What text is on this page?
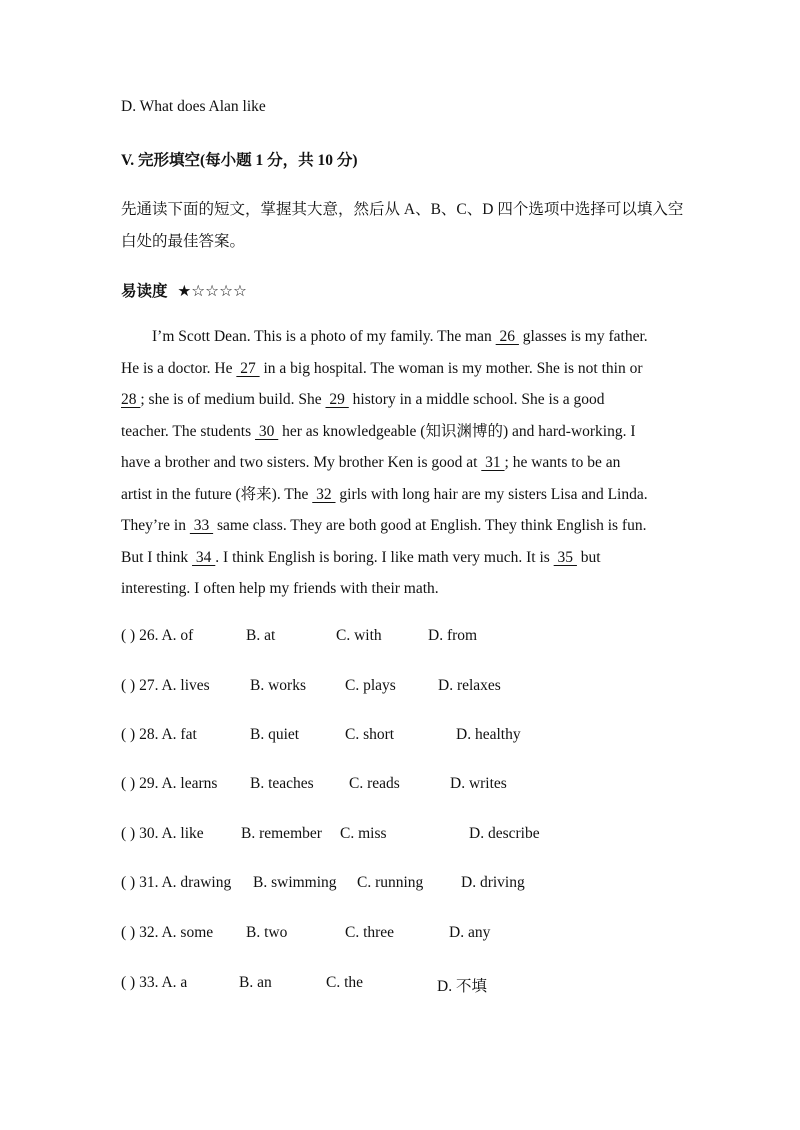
D. What does Alan like
V. 完形填空(每小题 1 分，共 10 分)
先通读下面的短文，掌握其大意，然后从 A、B、C、D 四个选项中选择可以填入空
白处的最佳答案。
易读度 ★☆☆☆☆

  I’m Scott Dean. This is a photo of my family. The man  26  glasses is my father.

He is a doctor. He  27  in a big hospital. The woman is my mother. She is not thin or

28 ; she is of medium build. She  29  history in a middle school. She is a good

teacher. The students  30  her as knowledgeable (知识渊博的) and hard-working. I

have a brother and two sisters. My brother Ken is good at  31 ; he wants to be an

artist in the future (将来). The  32  girls with long hair are my sisters Lisa and Linda.

They’re in  33  same class. They are both good at English. They think English is fun.

But I think  34 . I think English is boring. I like math very much. It is  35  but

interesting. I often help my friends with their math.

( ) 26. A. of	B. at	C. with	D. from
( ) 27. A. lives	B. works	C. plays	D. relaxes
( ) 28. A. fat	B. quiet	C. short	D. healthy
( ) 29. A. learns B. teaches C. reads	D. writes
( ) 30. A. like B. remember C. miss	D. describe
( ) 31. A. drawing B. swimming C. running D. driving
( ) 32. A. some B. two	C. three	D. any
( ) 33. A. a	B. an	C. the	D. 不填
